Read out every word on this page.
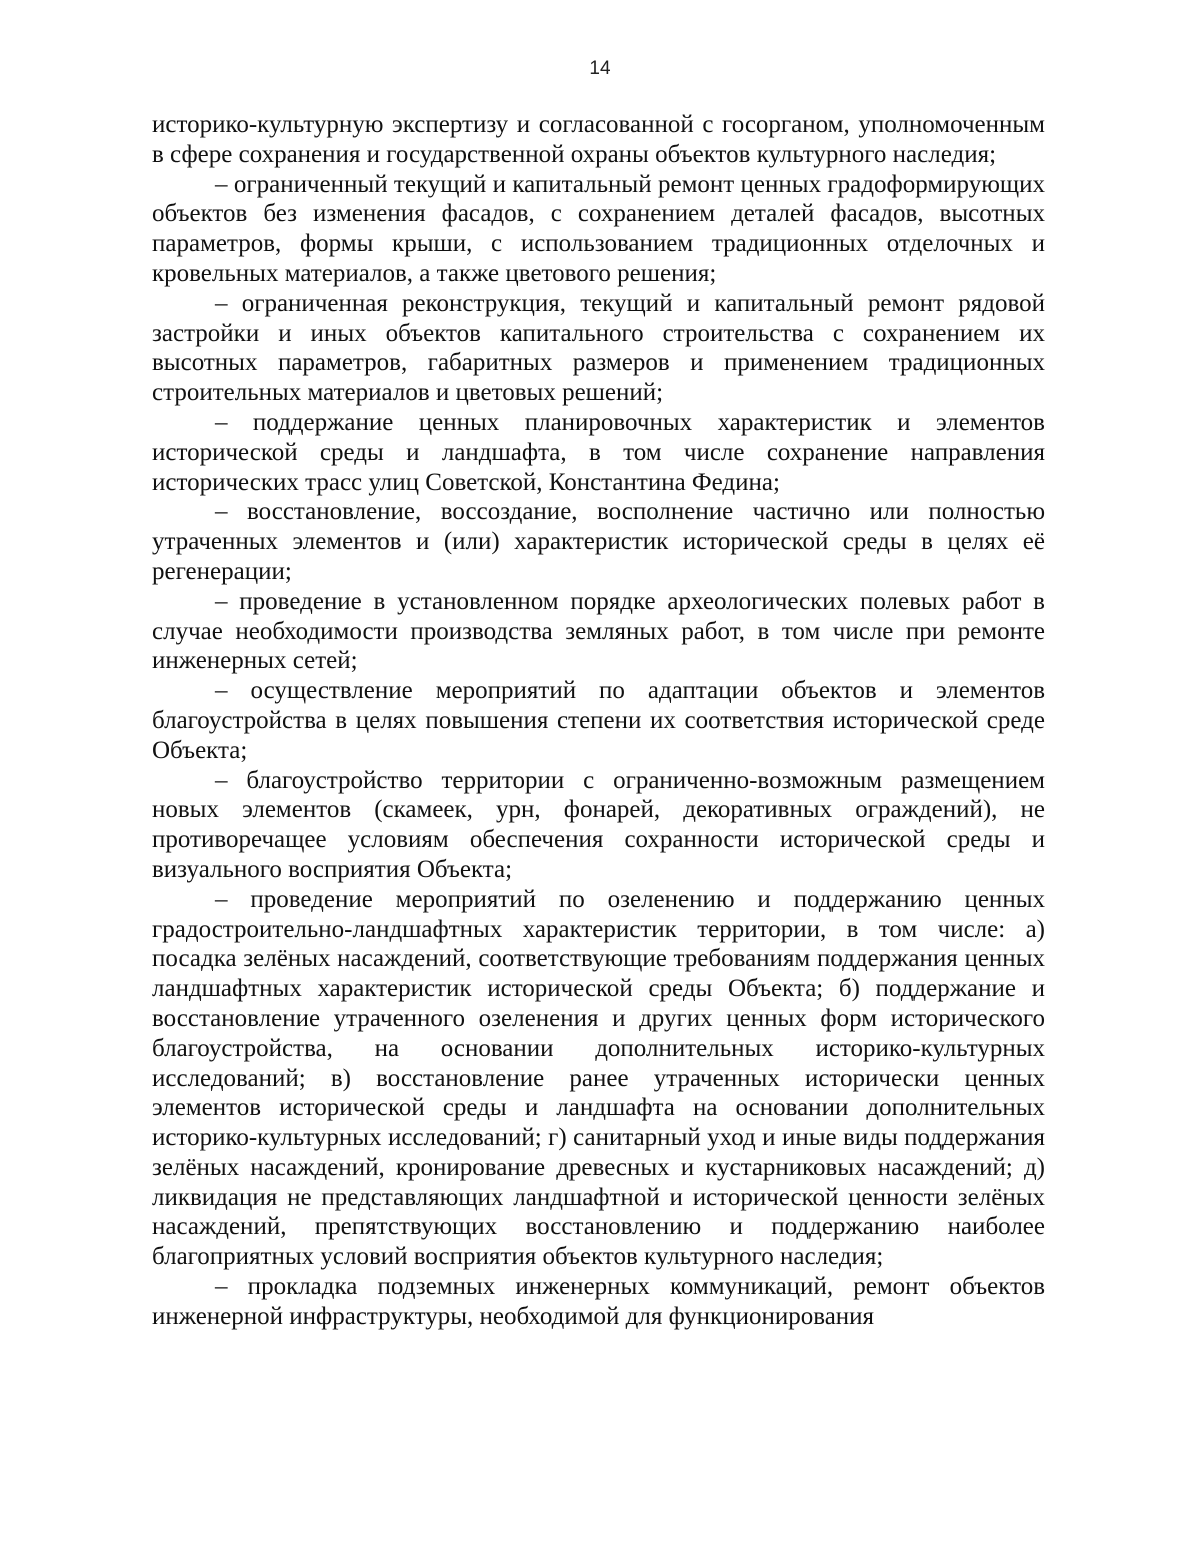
14

историко-культурную экспертизу и согласованной с госорганом, уполномоченным в сфере сохранения и государственной охраны объектов культурного наследия;

– ограниченный текущий и капитальный ремонт ценных градоформирующих объектов без изменения фасадов, с сохранением деталей фасадов, высотных параметров, формы крыши, с использованием традиционных отделочных и кровельных материалов, а также цветового решения;

– ограниченная реконструкция, текущий и капитальный ремонт рядовой застройки и иных объектов капитального строительства с сохранением их высотных параметров, габаритных размеров и применением традиционных строительных материалов и цветовых решений;

– поддержание ценных планировочных характеристик и элементов исторической среды и ландшафта, в том числе сохранение направления исторических трасс улиц Советской, Константина Федина;

– восстановление, воссоздание, восполнение частично или полностью утраченных элементов и (или) характеристик исторической среды в целях её регенерации;

– проведение в установленном порядке археологических полевых работ в случае необходимости производства земляных работ, в том числе при ремонте инженерных сетей;

– осуществление мероприятий по адаптации объектов и элементов благоустройства в целях повышения степени их соответствия исторической среде Объекта;

– благоустройство территории с ограниченно-возможным размещением новых элементов (скамеек, урн, фонарей, декоративных ограждений), не противоречащее условиям обеспечения сохранности исторической среды и визуального восприятия Объекта;

– проведение мероприятий по озеленению и поддержанию ценных градостроительно-ландшафтных характеристик территории, в том числе: а) посадка зелёных насаждений, соответствующие требованиям поддержания ценных ландшафтных характеристик исторической среды Объекта; б) поддержание и восстановление утраченного озеленения и других ценных форм исторического благоустройства, на основании дополнительных историко-культурных исследований; в) восстановление ранее утраченных исторически ценных элементов исторической среды и ландшафта на основании дополнительных историко-культурных исследований; г) санитарный уход и иные виды поддержания зелёных насаждений, кронирование древесных и кустарниковых насаждений; д) ликвидация не представляющих ландшафтной и исторической ценности зелёных насаждений, препятствующих восстановлению и поддержанию наиболее благоприятных условий восприятия объектов культурного наследия;

– прокладка подземных инженерных коммуникаций, ремонт объектов инженерной инфраструктуры, необходимой для функционирования
